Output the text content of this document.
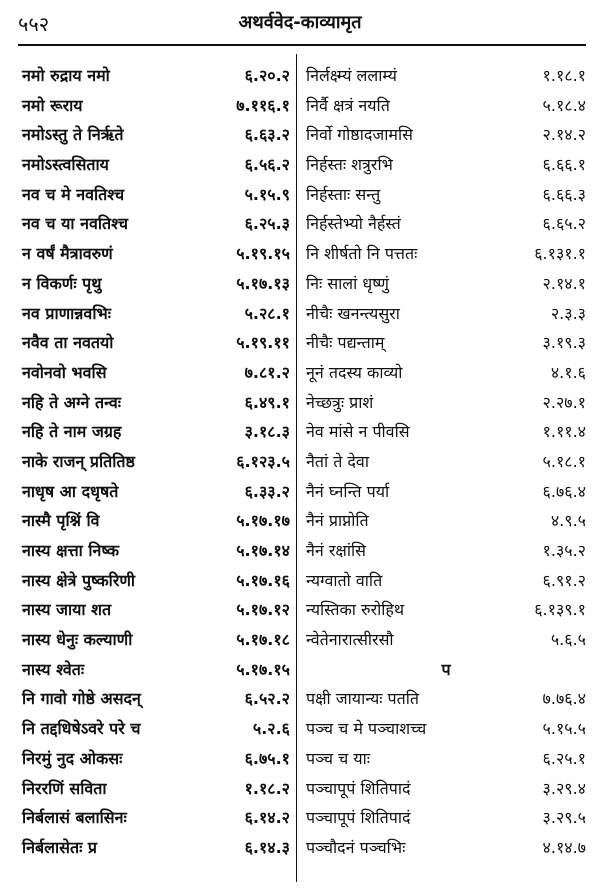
५५२	अथर्ववेद-काव्यामृत
नमो रुद्राय नमो	६.२०.२
नमो रूराय	७.११६.१
नमोऽस्तु ते निर्ऋते	६.६३.२
नमोऽस्त्वसिताय	६.५६.२
नव च मे नवतिश्च	५.१५.९
नव च या नवतिश्च	६.२५.३
न वर्षं मैत्रावरुणं	५.१९.१५
न विकर्णः पृथु	५.१७.१३
नव प्राणान्नवभिः	५.२८.१
नवैव ता नवतयो	५.१९.११
नवोनवो भवसि	७.८१.२
नहि ते अग्ने तन्वः	६.४९.१
नहि ते नाम जग्रह	३.१८.३
नाके राजन् प्रतितिष्ठ	६.१२३.५
नाधृष आ दधृषते	६.३३.२
नास्मै पृश्निं वि	५.१७.१७
नास्य क्षत्ता निष्क	५.१७.१४
नास्य क्षेत्रे पुष्करिणी	५.१७.१६
नास्य जाया शत	५.१७.१२
नास्य धेनुः कल्याणी	५.१७.१८
नास्य श्वेतः	५.१७.१५
नि गावो गोष्ठे असदन्	६.५२.२
नि तद्दधिषेऽवरे परे च	५.२.६
निरमुं नुद ओकसः	६.७५.१
निररणिं सविता	१.१८.२
निर्बलासं बलासिनः	६.१४.२
निर्बलासेतः प्र	६.१४.३
निर्लक्ष्म्यं ललाम्यं	१.१८.१
निर्वै क्षत्रं नयति	५.१८.४
निर्वो गोष्ठादजामसि	२.१४.२
निर्हस्तः शत्रुरभि	६.६६.१
निर्हस्ताः सन्तु	६.६६.३
निर्हस्तेभ्यो नैर्हस्तं	६.६५.२
नि शीर्षतो नि पत्ततः	६.१३१.१
निः सालां धृष्णुं	२.१४.१
नीचैः खनन्त्यसुरा	२.३.३
नीचैः पद्यन्ताम्	३.१९.३
नूनं तदस्य काव्यो	४.१.६
नेच्छत्रुः प्राशं	२.२७.१
नेव मांसे न पीवसि	१.११.४
नैतां ते देवा	५.१८.१
नैनं घ्नन्ति पर्या	६.७६.४
नैनं प्राप्नोति	४.९.५
नैनं रक्षांसि	१.३५.२
न्यग्वातो वाति	६.९१.२
न्यस्तिका रुरोहिथ	६.१३९.१
न्वेतेनारात्सीरसौ	५.६.५
प
पक्षी जायान्यः पतति	७.७६.४
पञ्च च मे पञ्चाशच्च	५.१५.५
पञ्च च याः	६.२५.१
पञ्चापूपं शितिपादं	३.२९.४
पञ्चापूपं शितिपादं	३.२९.५
पञ्चौदनं पञ्चभिः	४.१४.७
